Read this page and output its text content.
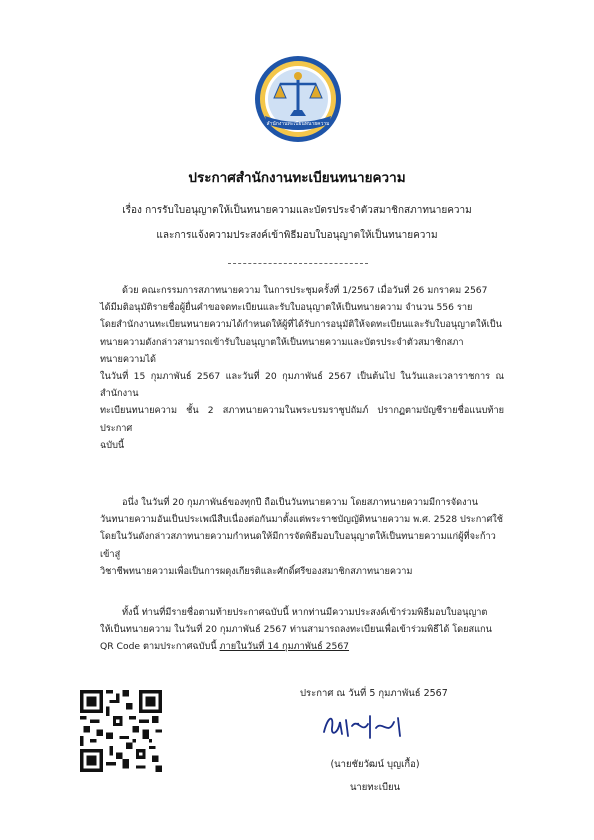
สำนักงานทะเบียนทนายความ
ประกาศสำนักงานทะเบียนทนายความ
เรื่อง การรับใบอนุญาตให้เป็นทนายความและบัตรประจำตัวสมาชิกสภาทนายความ
และการแจ้งความประสงค์เข้าพิธีมอบใบอนุญาตให้เป็นทนายความ
ด้วย คณะกรรมการสภาทนายความ ในการประชุมครั้งที่ 1/2567 เมื่อวันที่ 26 มกราคม 2567
ได้มีมติอนุมัติรายชื่อผู้ยื่นคำขอจดทะเบียนและรับใบอนุญาตให้เป็นทนายความ จำนวน 556 ราย
โดยสำนักงานทะเบียนทนายความได้กำหนดให้ผู้ที่ได้รับการอนุมัติให้จดทะเบียนและรับใบอนุญาตให้เป็น
ทนายความดังกล่าวสามารถเข้ารับใบอนุญาตให้เป็นทนายความและบัตรประจำตัวสมาชิกสภาทนายความได้
ในวันที่ 15 กุมภาพันธ์ 2567 และวันที่ 20 กุมภาพันธ์ 2567 เป็นต้นไป ในวันและเวลาราชการ ณ สำนักงาน
ทะเบียนทนายความ ชั้น 2 สภาทนายความในพระบรมราชูปถัมภ์ ปรากฏตามบัญชีรายชื่อแนบท้ายประกาศ
ฉบับนี้
อนึ่ง ในวันที่ 20 กุมภาพันธ์ของทุกปี ถือเป็นวันทนายความ โดยสภาทนายความมีการจัดงาน
วันทนายความอันเป็นประเพณีสืบเนื่องต่อกันมาตั้งแต่พระราชบัญญัติทนายความ พ.ศ. 2528 ประกาศใช้
โดยในวันดังกล่าวสภาทนายความกำหนดให้มีการจัดพิธีมอบใบอนุญาตให้เป็นทนายความแก่ผู้ที่จะก้าวเข้าสู่
วิชาชีพทนายความเพื่อเป็นการผดุงเกียรติและศักดิ์ศรีของสมาชิกสภาทนายความ
ทั้งนี้ ท่านที่มีรายชื่อตามท้ายประกาศฉบับนี้ หากท่านมีความประสงค์เข้าร่วมพิธีมอบใบอนุญาต
ให้เป็นทนายความ ในวันที่ 20 กุมภาพันธ์ 2567 ท่านสามารถลงทะเบียนเพื่อเข้าร่วมพิธีได้ โดยสแกน
QR Code ตามประกาศฉบับนี้ ภายในวันที่ 14 กุมภาพันธ์ 2567
ประกาศ ณ วันที่ 5 กุมภาพันธ์ 2567
(นายชัยวัฒน์ บุญเกื้อ)
นายทะเบียน
